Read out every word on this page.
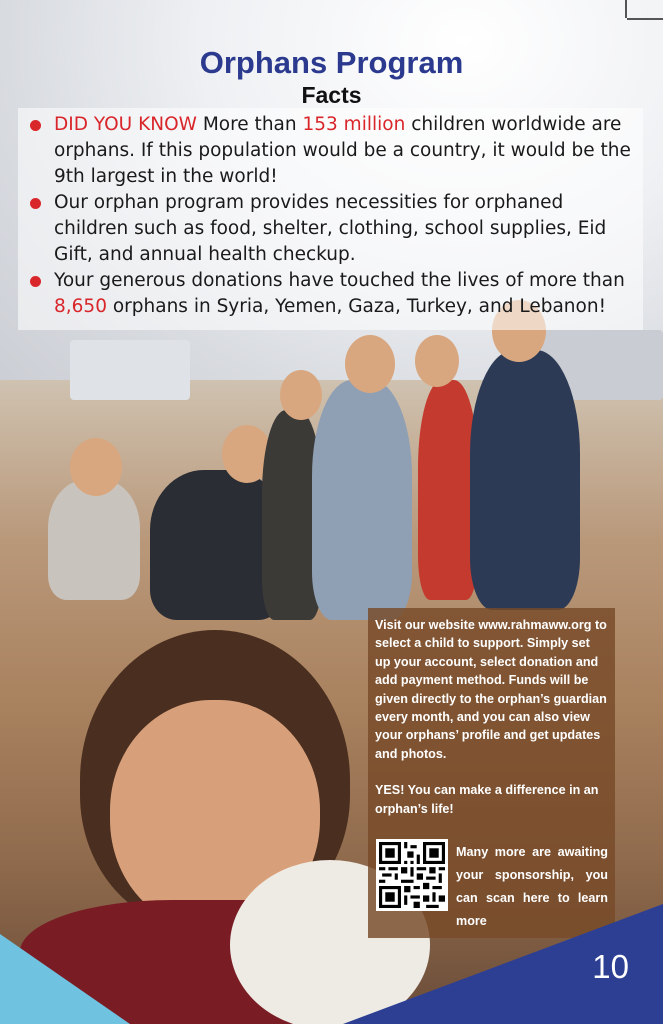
Orphans Program
Facts
DID YOU KNOW More than 153 million children worldwide are orphans. If this population would be a country, it would be the 9th largest in the world!
Our orphan program provides necessities for orphaned children such as food, shelter, clothing, school supplies, Eid Gift, and annual health checkup.
Your generous donations have touched the lives of more than 8,650 orphans in Syria, Yemen, Gaza, Turkey, and Lebanon!

Visit our website www.rahmaww.org to select a child to support. Simply set up your account, select donation and add payment method. Funds will be given directly to the orphan’s guardian every month, and you can also view your orphans’ profile and get updates and photos.

YES! You can make a difference in an orphan’s life!

Many more are awaiting your sponsorship, you can scan here to learn more
10
